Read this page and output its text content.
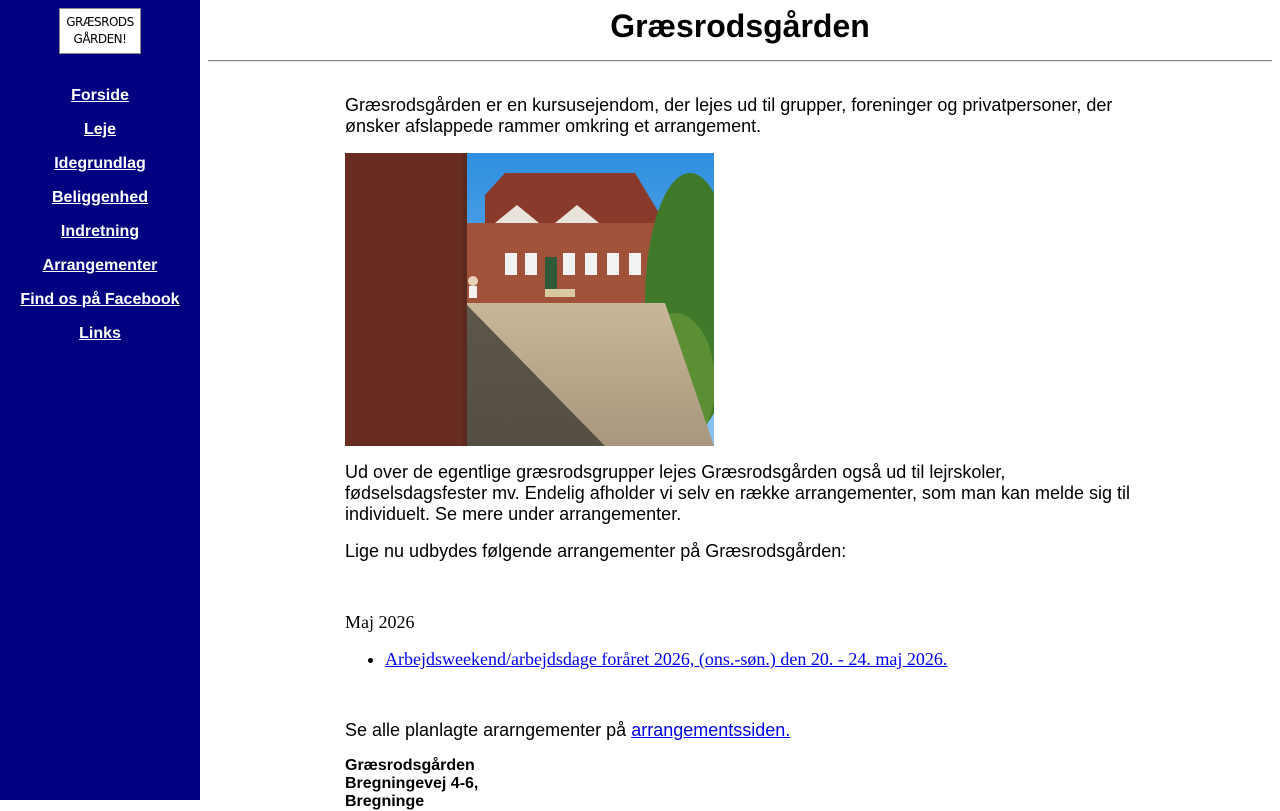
GRÆSRODS
GÅRDEN!
Forside
Leje
Idegrundlag
Beliggenhed
Indretning
Arrangementer
Find os på Facebook
Links
Græsrodsgården

Græsrodsgården er en kursusejendom, der lejes ud til grupper, foreninger og privatpersoner, der ønsker afslappede rammer omkring et arrangement.

Ud over de egentlige græsrodsgrupper lejes Græsrodsgården også ud til lejrskoler, fødselsdagsfester mv. Endelig afholder vi selv en række arrangementer, som man kan melde sig til individuelt. Se mere under arrangementer.

Lige nu udbydes følgende arrangementer på Græsrodsgården:

Maj 2026

• Arbejdsweekend/arbejdsdage foråret 2026, (ons.-søn.) den 20. - 24. maj 2026.

Se alle planlagte ararngementer på arrangementssiden.

Græsrodsgården
Bregningevej 4-6,
Bregninge
